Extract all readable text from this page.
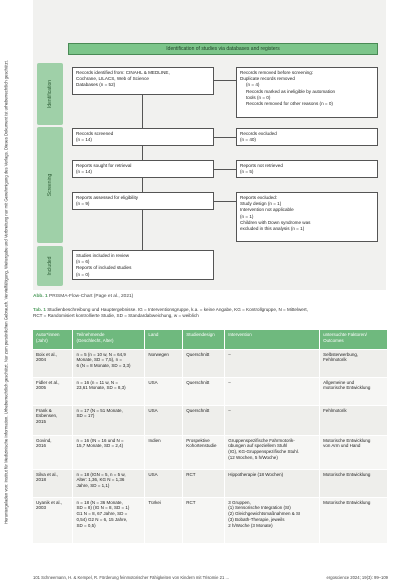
Heruntergeladen von: Institut für Medizinische Information. Urheberrechtlich geschützt. Nur zum persönlichen Gebrauch. Vervielfältigung, Weitergabe und Verbreitung nur mit Genehmigung des Verlags. Dieses Dokument ist urheberrechtlich geschützt.
Identification of studies via databases and registers
Identification
Screening
Included
Records identified from: CINAHL & MEDLINE,
Cochrane, LILACS, Web of Science
Databases (n = 52)
Records removed before screening:
Duplicate records removed
(n = 4)
Records marked as ineligible by automation
tools (n = 0)
Records removed for other reasons (n = 0)
Records screened
(n = 14)
Records excluded
(n = 40)
Reports sought for retrieval
(n = 14)
Reports not retrieved
(n = 5)
Reports assessed for eligibility
(n = 9)
Reports excluded:
Study design (n = 1)
Intervention not applicable
(n = 1)
Children with Down syndrome was
excluded in this analysis (n = 1)
Studies included in review
(n = 6)
Reports of included studies
(n = 0)
Abb. 1 PRISMA-Flow-Chart (Page et al., 2021)
Tab. 1 Studienbeschreibung und Hauptergebnisse. IG = Interventionsgruppe, k.a. = keine Angabe, KG = Kontrollgruppe, N = Mittelwert,
RCT = Randomisiert kontrollierte Studie, SD = Standardabweichung, w = weiblich
Autor*innen
(Jahr)	Teilnehmende
(Geschlecht, Alter)	Land	Studiendesign	Intervention	untersuchte Faktoren/
Outcomes

Boix et al.,
2004	n = 5 (n = 10 w, N = 64,9
Monate, SD = 7,5), n =
6 (N = 8 Monate, SD = 3,3)	Norwegen	Querschnitt	–	Selbsterwerbung,
Fehlmotorik

Fidler et al.,
2005	n = 16 (n = 11 w, N =
23,61 Monate, SD = 8,3)	USA	Querschnitt	–	Allgemeine und
motorische Entwicklung

Frank &
Esbensen,
2015	n = 17 (N = 51 Monate,
SD = 17)	USA	Querschnitt	–	Fehlmotorik

Govind,
2016	n = 16 (IN = 16 und N =
15,7 Monate, SD = 2,4)	Indien	Prospektive
Kohortenstudie	Gruppenspezifische Fahrmotorik-
übungen auf speziellem Stuhl
(IG), KG-Gruppenspezifische Stuhl.
(12 Wochen, 5 h/Woche)	Motorische Entwicklung
von Arm und Hand

Silva et al.,
2018	n = 18 (IGN = 5, n = 5 w,
Alter: 1,36, KG N = 1,36
Jahre, SD = 1,1)	USA	RCT	Hippotherapie (18 Wochen)	Motorische Entwicklung

Uyanik et al.,
2003	n = 18 (N = 36 Monate,
SD = 8) (IG N = 8, SD = 1)
G1 N = 8, 67 Jahre, SD =
0,54) G2 N = 6, 15 Jahre,
SD = 0,5)	Türkei	RCT	3 Gruppen,
(1) Sensorische Integration (SI)
(2) Gleichgewichtsmaßnahmen & SI
(3) Bobath-Therapie, jeweils
2 h/Woche (3 Monate)	Motorische Entwicklung
101 Schneemann, H. & Kempel, R. Förderung feinmotorischer Fähigkeiten von Kindern mit Trisomie 21 ...	ergoscience 2024; 19(3): 99–109
